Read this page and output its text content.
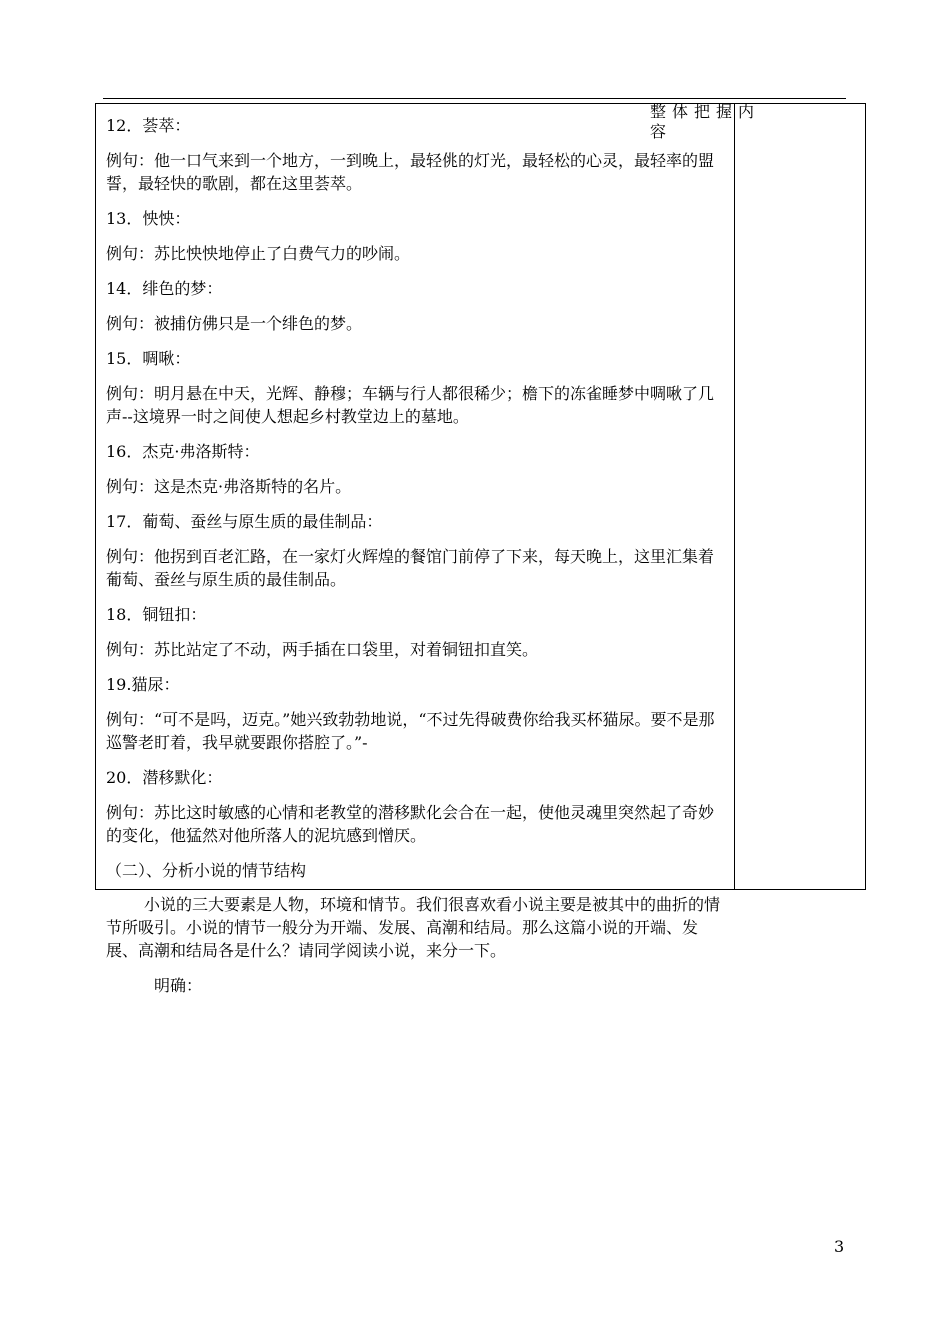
12．荟萃：

例句：他一口气来到一个地方，一到晚上，最轻佻的灯光，最轻松的心灵，最轻率的盟誓，最轻快的歌剧，都在这里荟萃。

13．怏怏：

例句：苏比怏怏地停止了白费气力的吵闹。

14．绯色的梦：

例句：被捕仿佛只是一个绯色的梦。

15．啁啾：

例句：明月悬在中天，光辉、静穆；车辆与行人都很稀少；檐下的冻雀睡梦中啁啾了几声--这境界一时之间使人想起乡村教堂边上的墓地。

16．杰克·弗洛斯特：

例句：这是杰克·弗洛斯特的名片。

17．葡萄、蚕丝与原生质的最佳制品：

例句：他拐到百老汇路，在一家灯火辉煌的餐馆门前停了下来，每天晚上，这里汇集着葡萄、蚕丝与原生质的最佳制品。

18．铜钮扣：

例句：苏比站定了不动，两手插在口袋里，对着铜钮扣直笑。

19.猫尿：

例句：“可不是吗，迈克。”她兴致勃勃地说，“不过先得破费你给我买杯猫尿。要不是那巡警老盯着，我早就要跟你搭腔了。”-

20．潜移默化：

例句：苏比这时敏感的心情和老教堂的潜移默化会合在一起，使他灵魂里突然起了奇妙的变化，他猛然对他所落人的泥坑感到憎厌。

（二）、分析小说的情节结构

小说的三大要素是人物，环境和情节。我们很喜欢看小说主要是被其中的曲折的情节所吸引。小说的情节一般分为开端、发展、高潮和结局。那么这篇小说的开端、发展、高潮和结局各是什么？请同学阅读小说，来分一下。

明确：

整体把握内容
3
